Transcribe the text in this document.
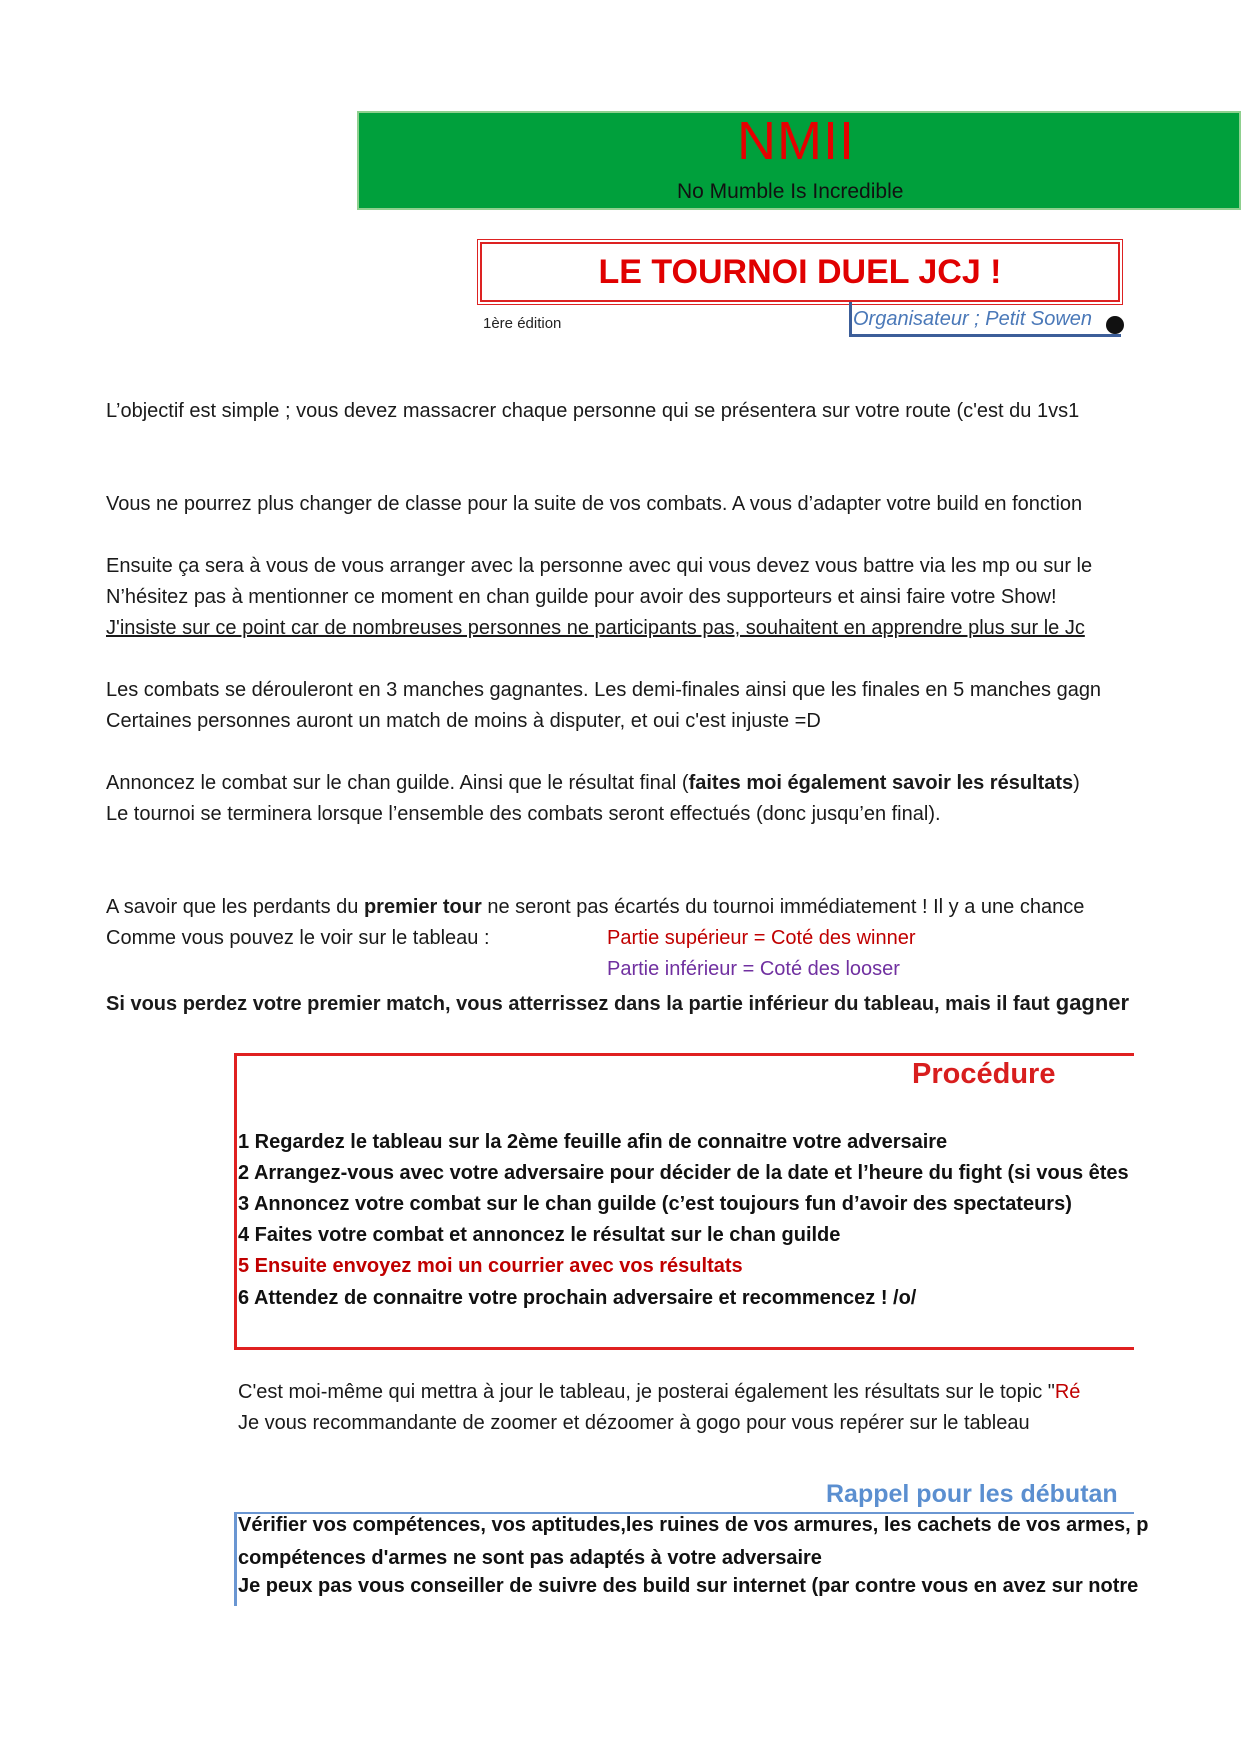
NMII
No Mumble Is Incredible
LE TOURNOI DUEL JCJ !
1ère édition	Organisateur ; Petit Sowen
L’objectif est simple ; vous devez massacrer chaque personne qui se présentera sur votre route (c'est du 1vs1
Vous ne pourrez plus changer de classe pour la suite de vos combats. A vous d’adapter votre build en fonction
Ensuite ça sera à vous de vous arranger avec la personne avec qui vous devez vous battre via les mp ou sur le
N’hésitez pas à mentionner ce moment en chan guilde pour avoir des supporteurs et ainsi faire votre Show!
J'insiste sur ce point car de nombreuses personnes ne participants pas, souhaitent en apprendre plus sur le Jc
Les combats se dérouleront en 3 manches gagnantes. Les demi-finales ainsi que les finales en 5 manches gagn
Certaines personnes auront un match de moins à disputer, et oui c'est injuste =D
Annoncez le combat sur le chan guilde. Ainsi que le résultat final (faites moi également savoir les résultats)
Le tournoi se terminera lorsque l’ensemble des combats seront effectués (donc jusqu’en final).
A savoir que les perdants du premier tour ne seront pas écartés du tournoi immédiatement ! Il y a une chance
Comme vous pouvez le voir sur le tableau :	Partie supérieur = Coté des winner
Partie inférieur = Coté des looser
Si vous perdez votre premier match, vous atterrissez dans la partie inférieur du tableau, mais il faut gagner
Procédure
1 Regardez le tableau sur la 2ème feuille afin de connaitre votre adversaire
2 Arrangez-vous avec votre adversaire pour décider de la date et l’heure du fight (si vous êtes
3 Annoncez votre combat sur le chan guilde (c’est toujours fun d’avoir des spectateurs)
4 Faites votre combat et annoncez le résultat sur le chan guilde
5 Ensuite envoyez moi un courrier avec vos résultats
6 Attendez de connaitre votre prochain adversaire et recommencez ! /o/
C'est moi-même qui mettra à jour le tableau, je posterai également les résultats sur le topic "Ré
Je vous recommandante de zoomer et dézoomer à gogo pour vous repérer sur le tableau
Rappel pour les débutan
Vérifier vos compétences, vos aptitudes,les ruines de vos armures, les cachets de vos armes, p
compétences d'armes ne sont pas adaptés à votre adversaire
Je peux pas vous conseiller de suivre des build sur internet (par contre vous en avez sur notre
